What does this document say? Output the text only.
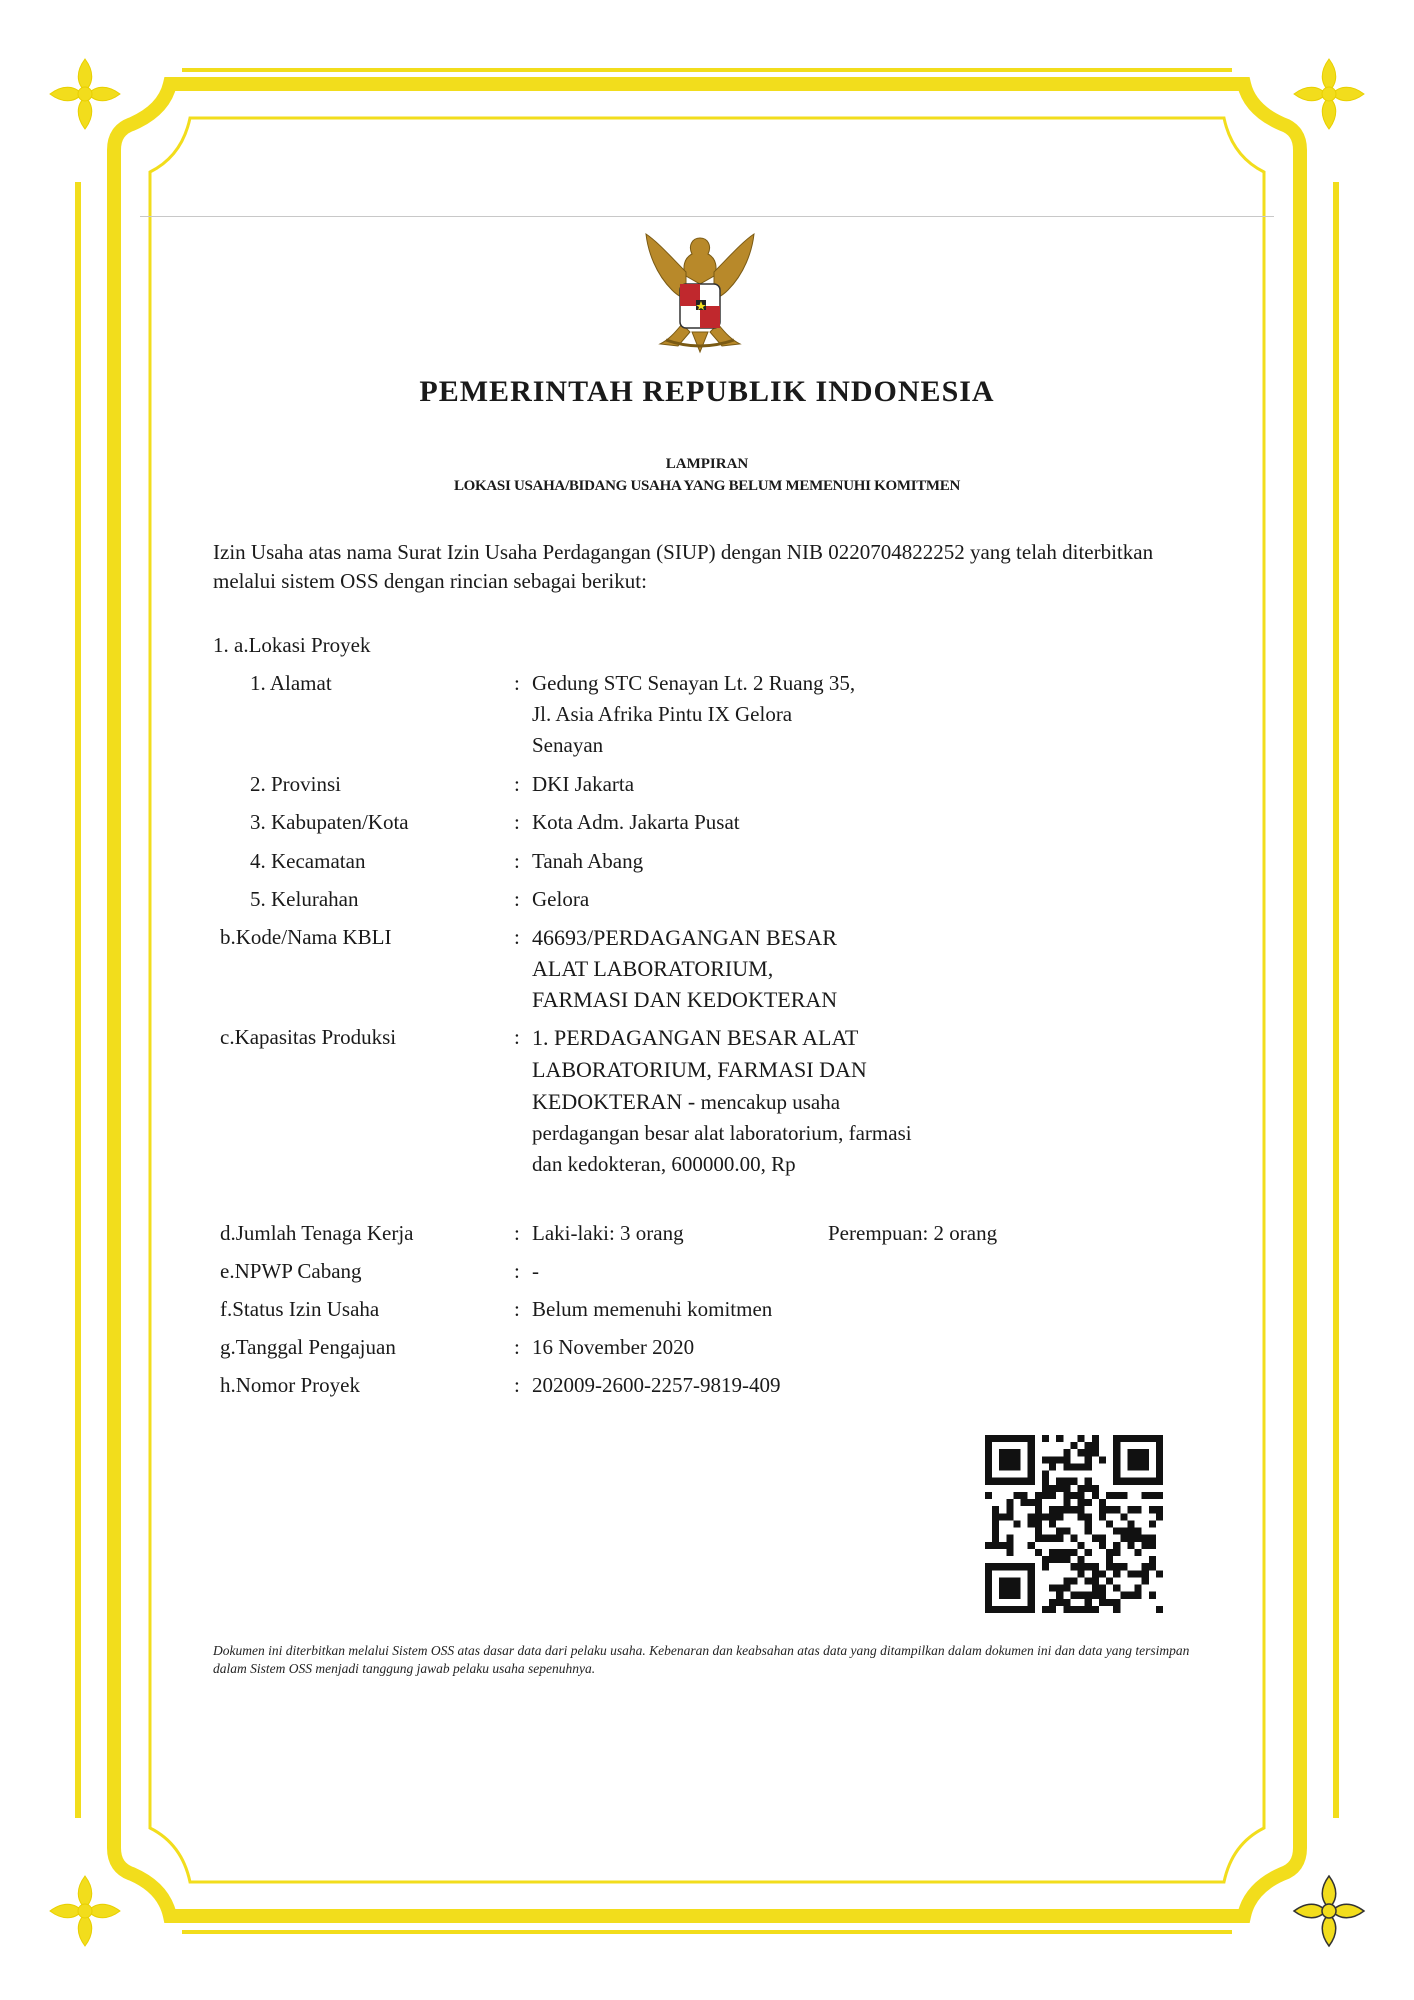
PEMERINTAH REPUBLIK INDONESIA
LAMPIRAN
LOKASI USAHA/BIDANG USAHA YANG BELUM MEMENUHI KOMITMEN
Izin Usaha atas nama Surat Izin Usaha Perdagangan (SIUP) dengan NIB 0220704822252 yang telah diterbitkan melalui sistem OSS dengan rincian sebagai berikut:
1. a.Lokasi Proyek
1. Alamat	: Gedung STC Senayan Lt. 2 Ruang 35,
Jl. Asia Afrika Pintu IX Gelora
Senayan
2. Provinsi	: DKI Jakarta
3. Kabupaten/Kota	: Kota Adm. Jakarta Pusat
4. Kecamatan	: Tanah Abang
5. Kelurahan	: Gelora
b.Kode/Nama KBLI	: 46693/PERDAGANGAN BESAR
ALAT LABORATORIUM,
FARMASI DAN KEDOKTERAN
c.Kapasitas Produksi	: 1. PERDAGANGAN BESAR ALAT
LABORATORIUM, FARMASI DAN
KEDOKTERAN - mencakup usaha
perdagangan besar alat laboratorium, farmasi
dan kedokteran, 600000.00, Rp
d.Jumlah Tenaga Kerja	: Laki-laki: 3 orang	Perempuan: 2 orang
e.NPWP Cabang	: -
f.Status Izin Usaha	: Belum memenuhi komitmen
g.Tanggal Pengajuan	: 16 November 2020
h.Nomor Proyek	: 202009-2600-2257-9819-409
Dokumen ini diterbitkan melalui Sistem OSS atas dasar data dari pelaku usaha. Kebenaran dan keabsahan atas data yang ditampilkan dalam dokumen ini dan data yang tersimpan dalam Sistem OSS menjadi tanggung jawab pelaku usaha sepenuhnya.
